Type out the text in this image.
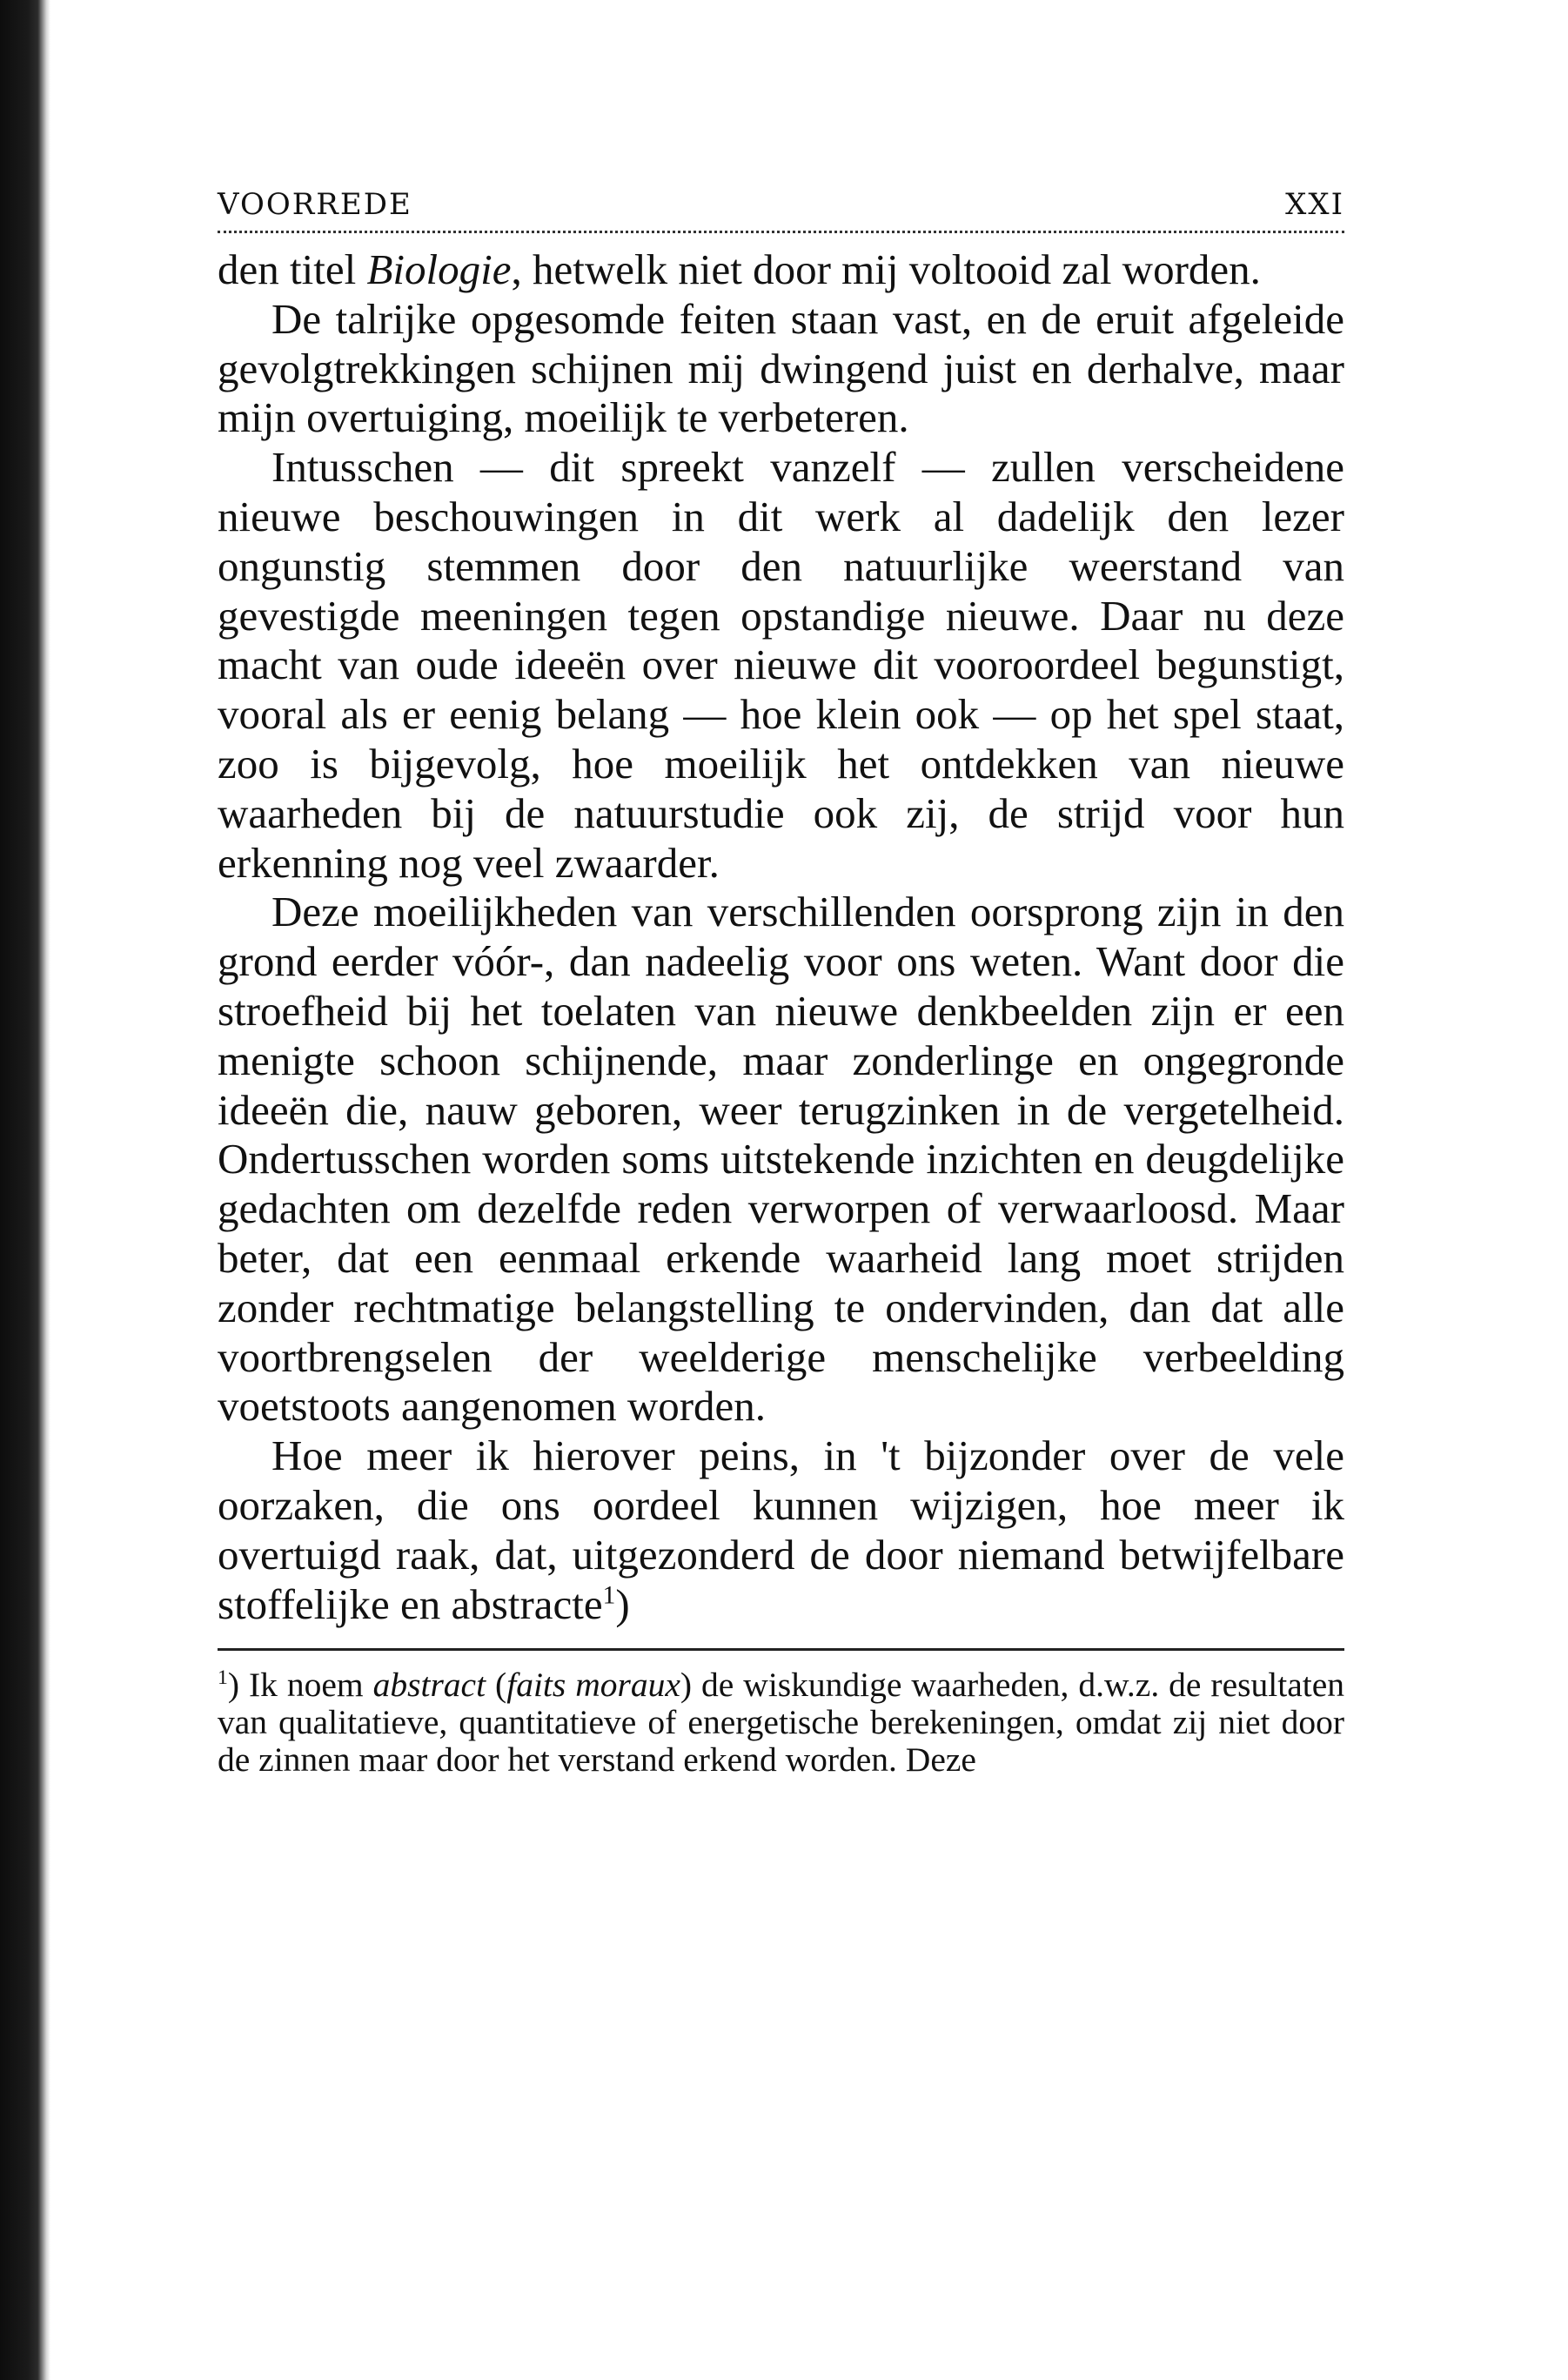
VOORREDE	XXI

den titel Biologie, hetwelk niet door mij voltooid zal worden.

De talrijke opgesomde feiten staan vast, en de eruit afgeleide gevolgtrekkingen schijnen mij dwingend juist en derhalve, maar mijn overtuiging, moeilijk te verbeteren.

Intusschen — dit spreekt vanzelf — zullen verscheidene nieuwe beschouwingen in dit werk al dadelijk den lezer ongunstig stemmen door den natuurlijke weerstand van gevestigde meeningen tegen opstandige nieuwe. Daar nu deze macht van oude ideeën over nieuwe dit vooroordeel begunstigt, vooral als er eenig belang — hoe klein ook — op het spel staat, zoo is bijgevolg, hoe moeilijk het ontdekken van nieuwe waarheden bij de natuurstudie ook zij, de strijd voor hun erkenning nog veel zwaarder.

Deze moeilijkheden van verschillenden oorsprong zijn in den grond eerder vóór-, dan nadeelig voor ons weten. Want door die stroefheid bij het toelaten van nieuwe denkbeelden zijn er een menigte schoon schijnende, maar zonderlinge en ongegronde ideeën die, nauw geboren, weer terugzinken in de vergetelheid. Ondertusschen worden soms uitstekende inzichten en deugdelijke gedachten om dezelfde reden verworpen of verwaarloosd. Maar beter, dat een eenmaal erkende waarheid lang moet strijden zonder rechtmatige belangstelling te ondervinden, dan dat alle voortbrengselen der weelderige menschelijke verbeelding voetstoots aangenomen worden.

Hoe meer ik hierover peins, in 't bijzonder over de vele oorzaken, die ons oordeel kunnen wijzigen, hoe meer ik overtuigd raak, dat, uitgezonderd de door niemand betwijfelbare stoffelijke en abstracte$^1$)

$^1$) Ik noem abstract (faits moraux) de wiskundige waarheden, d.w.z. de resultaten van qualitatieve, quantitatieve of energetische berekeningen, omdat zij niet door de zinnen maar door het verstand erkend worden. Deze
